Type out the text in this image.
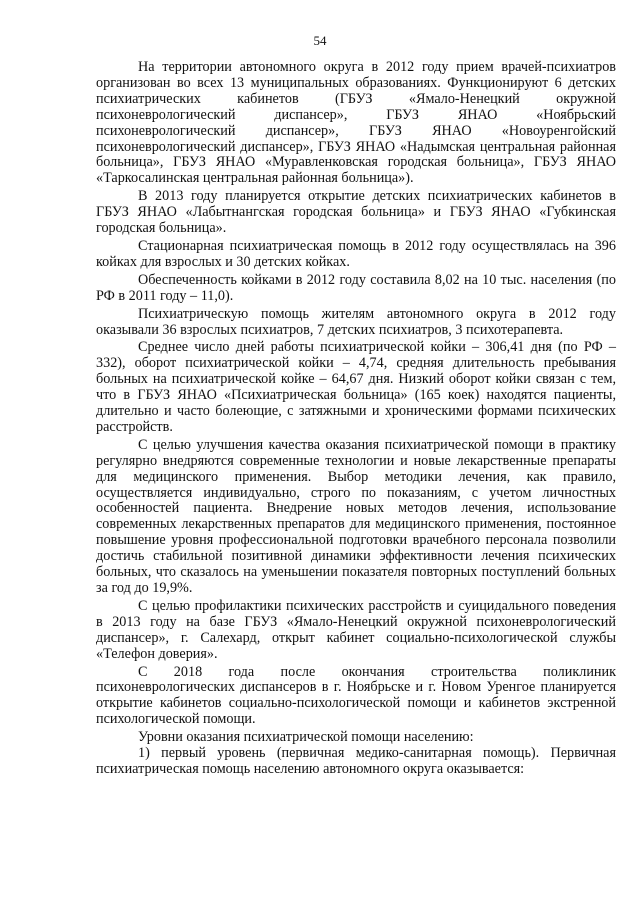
54

На территории автономного округа в 2012 году прием врачей-психиатров организован во всех 13 муниципальных образованиях. Функционируют 6 детских психиатрических кабинетов (ГБУЗ «Ямало-Ненецкий окружной психоневрологический диспансер», ГБУЗ ЯНАО «Ноябрьский психоневрологический диспансер», ГБУЗ ЯНАО «Новоуренгойский психоневрологический диспансер», ГБУЗ ЯНАО «Надымская центральная районная больница», ГБУЗ ЯНАО «Муравленковская городская больница», ГБУЗ ЯНАО «Таркосалинская центральная районная больница»).

В 2013 году планируется открытие детских психиатрических кабинетов в ГБУЗ ЯНАО «Лабытнангская городская больница» и ГБУЗ ЯНАО «Губкинская городская больница».

Стационарная психиатрическая помощь в 2012 году осуществлялась на 396 койках для взрослых и 30 детских койках.

Обеспеченность койками в 2012 году составила 8,02 на 10 тыс. населения (по РФ в 2011 году – 11,0).

Психиатрическую помощь жителям автономного округа в 2012 году оказывали 36 взрослых психиатров, 7 детских психиатров, 3 психотерапевта.

Среднее число дней работы психиатрической койки – 306,41 дня (по РФ – 332), оборот психиатрической койки – 4,74, средняя длительность пребывания больных на психиатрической койке – 64,67 дня. Низкий оборот койки связан с тем, что в ГБУЗ ЯНАО «Психиатрическая больница» (165 коек) находятся пациенты, длительно и часто болеющие, с затяжными и хроническими формами психических расстройств.

С целью улучшения качества оказания психиатрической помощи в практику регулярно внедряются современные технологии и новые лекарственные препараты для медицинского применения. Выбор методики лечения, как правило, осуществляется индивидуально, строго по показаниям, с учетом личностных особенностей пациента. Внедрение новых методов лечения, использование современных лекарственных препаратов для медицинского применения, постоянное повышение уровня профессиональной подготовки врачебного персонала позволили достичь стабильной позитивной динамики эффективности лечения психических больных, что сказалось на уменьшении показателя повторных поступлений больных за год до 19,9%.

С целью профилактики психических расстройств и суицидального поведения в 2013 году на базе ГБУЗ «Ямало-Ненецкий окружной психоневрологический диспансер», г. Салехард, открыт кабинет социально-психологической службы «Телефон доверия».

С 2018 года после окончания строительства поликлиник психоневрологических диспансеров в г. Ноябрьске и г. Новом Уренгое планируется открытие кабинетов социально-психологической помощи и кабинетов экстренной психологической помощи.

Уровни оказания психиатрической помощи населению:

1) первый уровень (первичная медико-санитарная помощь). Первичная психиатрическая помощь населению автономного округа оказывается:
